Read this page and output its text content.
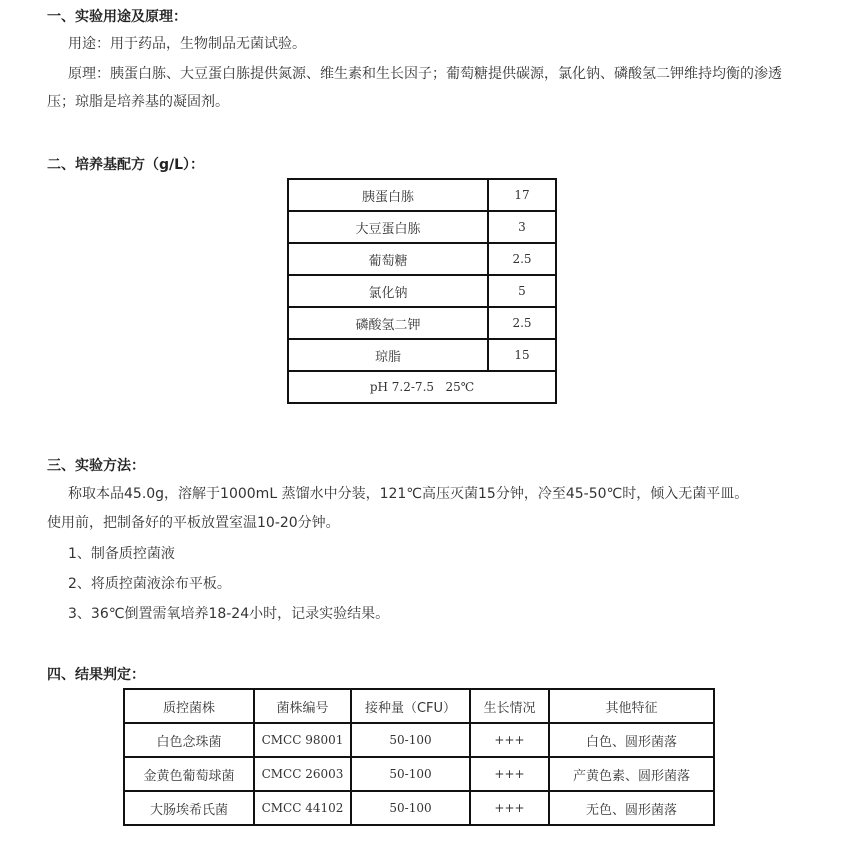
一、实验用途及原理：
用途：用于药品，生物制品无菌试验。
原理：胰蛋白胨、大豆蛋白胨提供氮源、维生素和生长因子；葡萄糖提供碳源，氯化钠、磷酸氢二钾维持均衡的渗透
压；琼脂是培养基的凝固剂。
二、培养基配方（g/L）：
胰蛋白胨	17
大豆蛋白胨	3
葡萄糖	2.5
氯化钠	5
磷酸氢二钾	2.5
琼脂	15
pH 7.2-7.5   25℃	
三、实验方法：
称取本品45.0g，溶解于1000mL 蒸馏水中分装，121℃高压灭菌15分钟，冷至45-50℃时，倾入无菌平皿。
使用前，把制备好的平板放置室温10-20分钟。
1、制备质控菌液
2、将质控菌液涂布平板。
3、36℃倒置需氧培养18-24小时，记录实验结果。
四、结果判定：
质控菌株	菌株编号	接种量（CFU）	生长情况	其他特征
白色念珠菌	CMCC 98001	50-100	+++	白色、圆形菌落
金黄色葡萄球菌	CMCC 26003	50-100	+++	产黄色素、圆形菌落
大肠埃希氏菌	CMCC 44102	50-100	+++	无色、圆形菌落
